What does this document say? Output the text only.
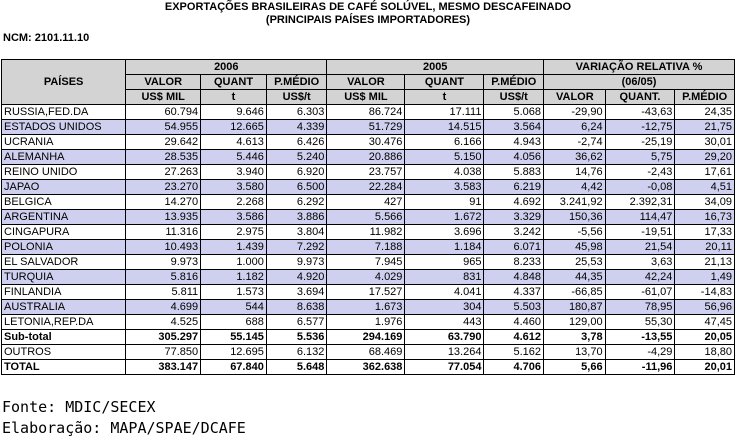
EXPORTAÇÕES BRASILEIRAS DE CAFÉ SOLÚVEL, MESMO DESCAFEINADO
(PRINCIPAIS PAÍSES IMPORTADORES)
NCM: 2101.11.10
PAÍSES	2006			2005			VARIAÇÃO RELATIVA %		
	VALOR	QUANT	P.MÉDIO	VALOR	QUANT	P.MÉDIO	(06/05)		
	US$ MIL	t	US$/t	US$ MIL	t	US$/t	VALOR	QUANT.	P.MÉDIO
RUSSIA,FED.DA	60.794	9.646	6.303	86.724	17.111	5.068	-29,90	-43,63	24,35
ESTADOS UNIDOS	54.955	12.665	4.339	51.729	14.515	3.564	6,24	-12,75	21,75
UCRANIA	29.642	4.613	6.426	30.476	6.166	4.943	-2,74	-25,19	30,01
ALEMANHA	28.535	5.446	5.240	20.886	5.150	4.056	36,62	5,75	29,20
REINO UNIDO	27.263	3.940	6.920	23.757	4.038	5.883	14,76	-2,43	17,61
JAPAO	23.270	3.580	6.500	22.284	3.583	6.219	4,42	-0,08	4,51
BELGICA	14.270	2.268	6.292	427	91	4.692	3.241,92	2.392,31	34,09
ARGENTINA	13.935	3.586	3.886	5.566	1.672	3.329	150,36	114,47	16,73
CINGAPURA	11.316	2.975	3.804	11.982	3.696	3.242	-5,56	-19,51	17,33
POLONIA	10.493	1.439	7.292	7.188	1.184	6.071	45,98	21,54	20,11
EL SALVADOR	9.973	1.000	9.973	7.945	965	8.233	25,53	3,63	21,13
TURQUIA	5.816	1.182	4.920	4.029	831	4.848	44,35	42,24	1,49
FINLANDIA	5.811	1.573	3.694	17.527	4.041	4.337	-66,85	-61,07	-14,83
AUSTRALIA	4.699	544	8.638	1.673	304	5.503	180,87	78,95	56,96
LETONIA,REP.DA	4.525	688	6.577	1.976	443	4.460	129,00	55,30	47,45
Sub-total	305.297	55.145	5.536	294.169	63.790	4.612	3,78	-13,55	20,05
OUTROS	77.850	12.695	6.132	68.469	13.264	5.162	13,70	-4,29	18,80
TOTAL	383.147	67.840	5.648	362.638	77.054	4.706	5,66	-11,96	20,01
Fonte: MDIC/SECEX
Elaboração: MAPA/SPAE/DCAFE
